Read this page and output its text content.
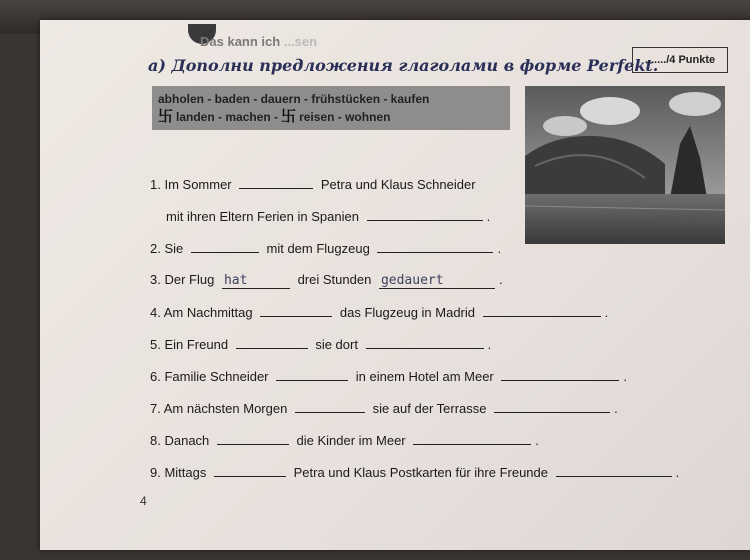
Das kann ich ...sen
a) Дополни предложения глаголами в форме Perfekt.
......./4 Punkte
abholen - baden - dauern - frühstücken - kaufen
卐 landen - machen - 卐 reisen - wohnen
1. Im Sommer	Petra und Klaus Schneider
mit ihren Eltern Ferien in Spanien	.
2. Sie	mit dem Flugzeug	.
3. Der Flug hat	drei Stunden gedauert	.
4. Am Nachmittag	das Flugzeug in Madrid	.
5. Ein Freund	sie dort	.
6. Familie Schneider	in einem Hotel am Meer	.
7. Am nächsten Morgen	sie auf der Terrasse	.
8. Danach	die Kinder im Meer	.
9. Mittags	Petra und Klaus Postkarten für ihre Freunde	.
4
